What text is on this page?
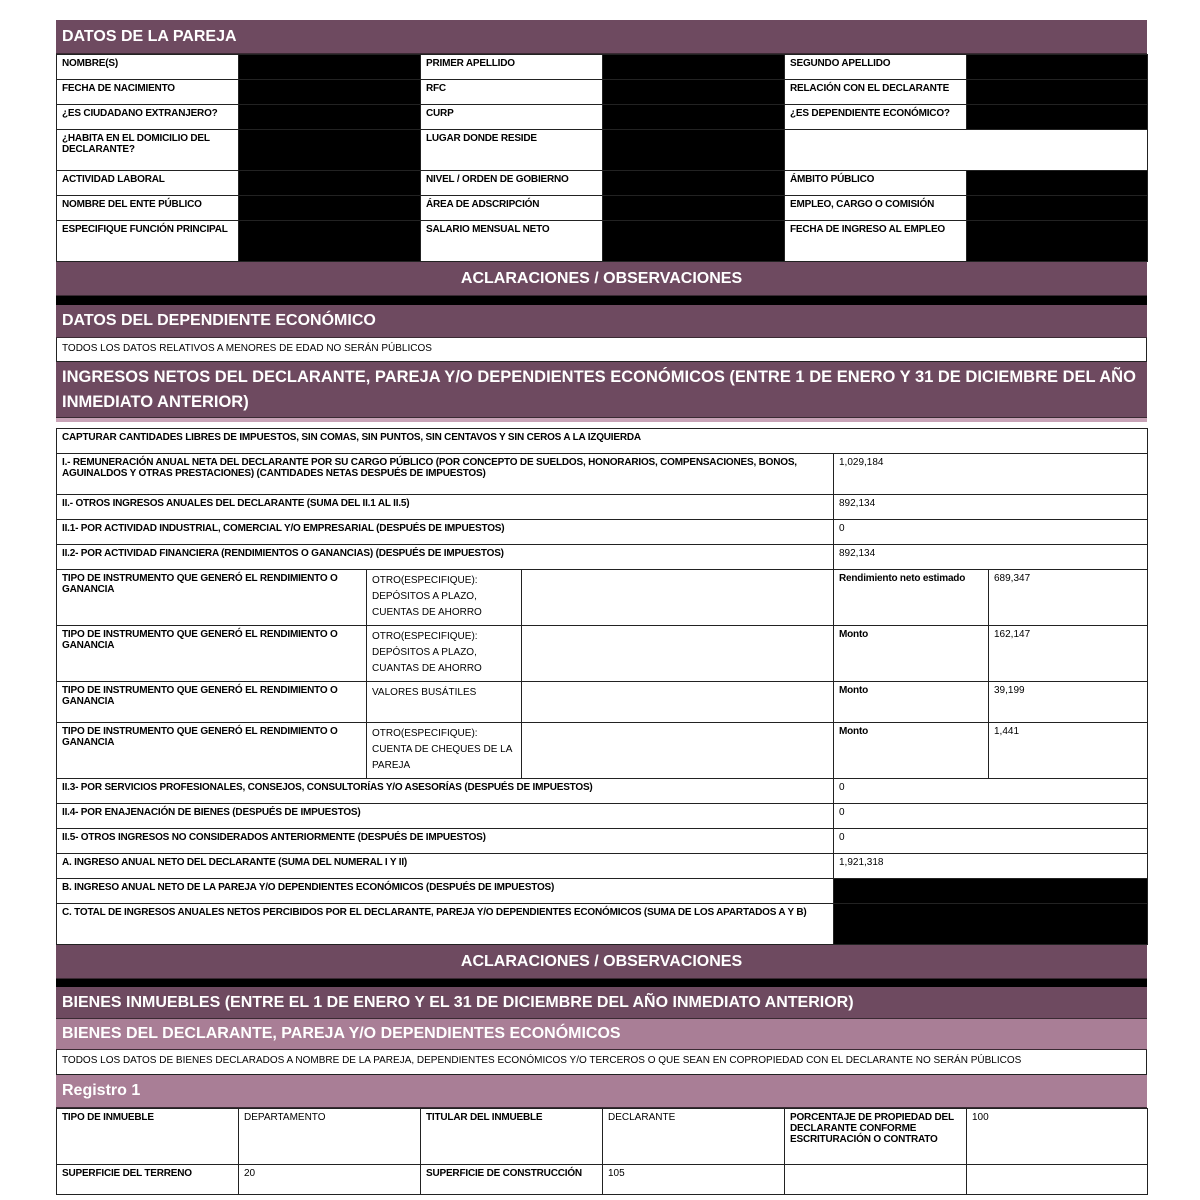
DATOS DE LA PAREJA
NOMBRE(S)		PRIMER APELLIDO		SEGUNDO APELLIDO	
FECHA DE NACIMIENTO		RFC		RELACIÓN CON EL DECLARANTE	
¿ES CIUDADANO EXTRANJERO?		CURP		¿ES DEPENDIENTE ECONÓMICO?	
¿HABITA EN EL DOMICILIO DEL DECLARANTE?		LUGAR DONDE RESIDE			
ACTIVIDAD LABORAL		NIVEL / ORDEN DE GOBIERNO		ÁMBITO PÚBLICO	
NOMBRE DEL ENTE PÚBLICO		ÁREA DE ADSCRIPCIÓN		EMPLEO, CARGO O COMISIÓN	
ESPECIFIQUE FUNCIÓN PRINCIPAL		SALARIO MENSUAL NETO		FECHA DE INGRESO AL EMPLEO	
ACLARACIONES / OBSERVACIONES
DATOS DEL DEPENDIENTE ECONÓMICO
TODOS LOS DATOS RELATIVOS A MENORES DE EDAD NO SERÁN PÚBLICOS
INGRESOS NETOS DEL DECLARANTE, PAREJA Y/O DEPENDIENTES ECONÓMICOS (ENTRE 1 DE ENERO Y 31 DE DICIEMBRE DEL AÑO INMEDIATO ANTERIOR)
CAPTURAR CANTIDADES LIBRES DE IMPUESTOS, SIN COMAS, SIN PUNTOS, SIN CENTAVOS Y SIN CEROS A LA IZQUIERDA				
I.- REMUNERACIÓN ANUAL NETA DEL DECLARANTE POR SU CARGO PÚBLICO (POR CONCEPTO DE SUELDOS, HONORARIOS, COMPENSACIONES, BONOS, AGUINALDOS Y OTRAS PRESTACIONES) (CANTIDADES NETAS DESPUÉS DE IMPUESTOS)			1,029,184	
II.- OTROS INGRESOS ANUALES DEL DECLARANTE (SUMA DEL II.1 AL II.5)			892,134	
II.1- POR ACTIVIDAD INDUSTRIAL, COMERCIAL Y/O EMPRESARIAL (DESPUÉS DE IMPUESTOS)			0	
II.2- POR ACTIVIDAD FINANCIERA (RENDIMIENTOS O GANANCIAS) (DESPUÉS DE IMPUESTOS)			892,134	
TIPO DE INSTRUMENTO QUE GENERÓ EL RENDIMIENTO O GANANCIA	OTRO(ESPECIFIQUE): DEPÓSITOS A PLAZO, CUENTAS DE AHORRO		Rendimiento neto estimado	689,347
TIPO DE INSTRUMENTO QUE GENERÓ EL RENDIMIENTO O GANANCIA	OTRO(ESPECIFIQUE): DEPÓSITOS A PLAZO, CUANTAS DE AHORRO		Monto	162,147
TIPO DE INSTRUMENTO QUE GENERÓ EL RENDIMIENTO O GANANCIA	VALORES BUSÁTILES		Monto	39,199
TIPO DE INSTRUMENTO QUE GENERÓ EL RENDIMIENTO O GANANCIA	OTRO(ESPECIFIQUE): CUENTA DE CHEQUES DE LA PAREJA		Monto	1,441
II.3- POR SERVICIOS PROFESIONALES, CONSEJOS, CONSULTORÍAS Y/O ASESORÍAS (DESPUÉS DE IMPUESTOS)			0	
II.4- POR ENAJENACIÓN DE BIENES (DESPUÉS DE IMPUESTOS)			0	
II.5- OTROS INGRESOS NO CONSIDERADOS ANTERIORMENTE (DESPUÉS DE IMPUESTOS)			0	
A. INGRESO ANUAL NETO DEL DECLARANTE (SUMA DEL NUMERAL I Y II)			1,921,318	
B. INGRESO ANUAL NETO DE LA PAREJA Y/O DEPENDIENTES ECONÓMICOS (DESPUÉS DE IMPUESTOS)				
C. TOTAL DE INGRESOS ANUALES NETOS PERCIBIDOS POR EL DECLARANTE, PAREJA Y/O DEPENDIENTES ECONÓMICOS (SUMA DE LOS APARTADOS A Y B)				
ACLARACIONES / OBSERVACIONES
BIENES INMUEBLES (ENTRE EL 1 DE ENERO Y EL 31 DE DICIEMBRE DEL AÑO INMEDIATO ANTERIOR)
BIENES DEL DECLARANTE, PAREJA Y/O DEPENDIENTES ECONÓMICOS
TODOS LOS DATOS DE BIENES DECLARADOS A NOMBRE DE LA PAREJA, DEPENDIENTES ECONÓMICOS Y/O TERCEROS O QUE SEAN EN COPROPIEDAD CON EL DECLARANTE NO SERÁN PÚBLICOS
Registro 1
TIPO DE INMUEBLE	DEPARTAMENTO	TITULAR DEL INMUEBLE	DECLARANTE	PORCENTAJE DE PROPIEDAD DEL DECLARANTE CONFORME ESCRITURACIÓN O CONTRATO	100
SUPERFICIE DEL TERRENO	20	SUPERFICIE DE CONSTRUCCIÓN	105		
